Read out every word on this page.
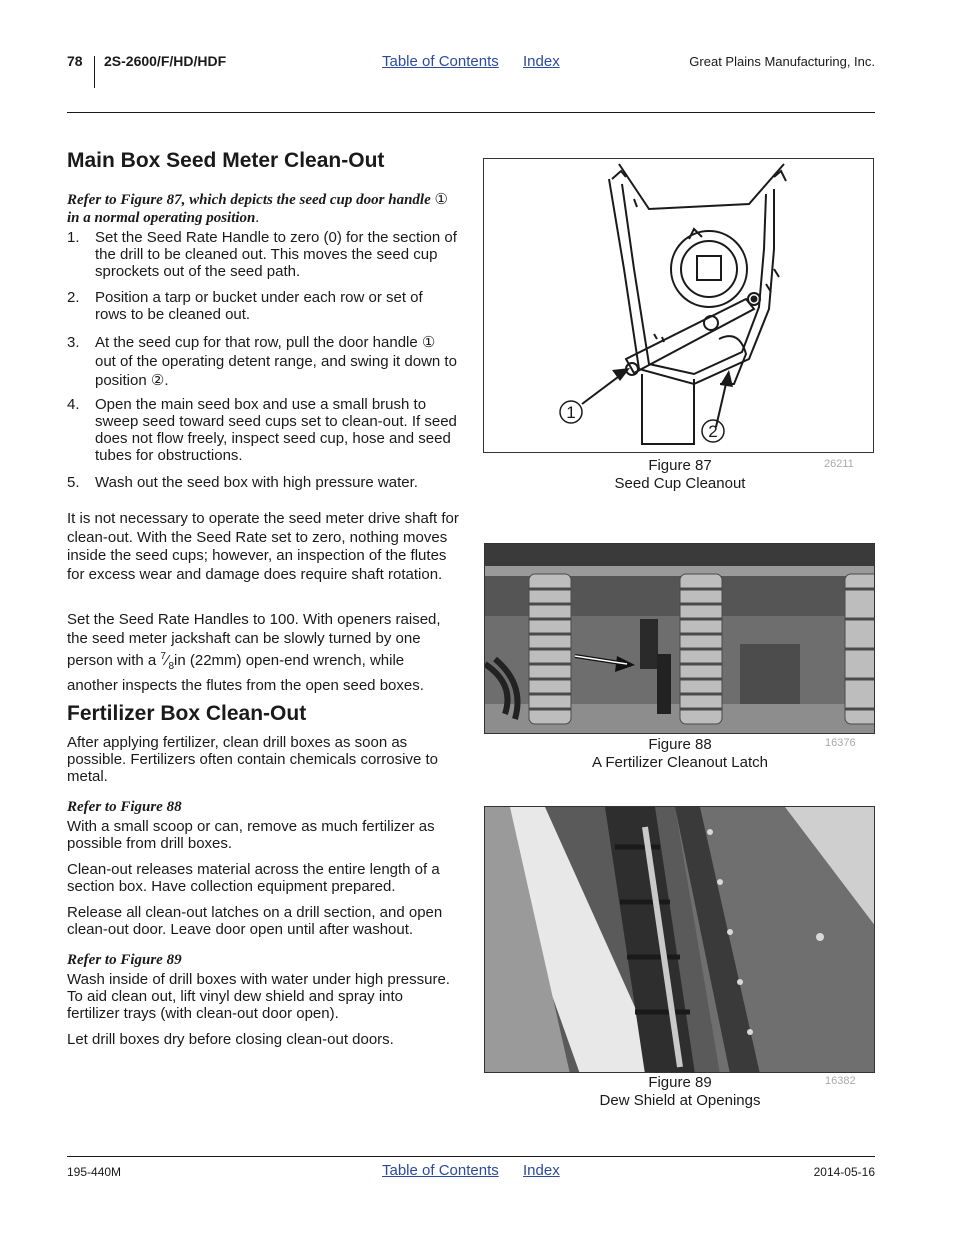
78 2S-2600/F/HD/HDF	Table of Contents Index	Great Plains Manufacturing, Inc.
Main Box Seed Meter Clean-Out
Refer to Figure 87, which depicts the seed cup door handle ①
in a normal operating position.
1. Set the Seed Rate Handle to zero (0) for the section of the drill to be cleaned out. This moves the seed cup sprockets out of the seed path.
2. Position a tarp or bucket under each row or set of rows to be cleaned out.
3. At the seed cup for that row, pull the door handle ① out of the operating detent range, and swing it down to position ②.
4. Open the main seed box and use a small brush to sweep seed toward seed cups set to clean-out. If seed does not flow freely, inspect seed cup, hose and seed tubes for obstructions.
5. Wash out the seed box with high pressure water.
It is not necessary to operate the seed meter drive shaft for clean-out. With the Seed Rate set to zero, nothing moves inside the seed cups; however, an inspection of the flutes for excess wear and damage does require shaft rotation.
Set the Seed Rate Handles to 100. With openers raised, the seed meter jackshaft can be slowly turned by one person with a $^7⁄_8in$ (22mm) open-end wrench, while another inspects the flutes from the open seed boxes.
Fertilizer Box Clean-Out
After applying fertilizer, clean drill boxes as soon as possible. Fertilizers often contain chemicals corrosive to metal.
Refer to Figure 88
With a small scoop or can, remove as much fertilizer as possible from drill boxes.
Clean-out releases material across the entire length of a section box. Have collection equipment prepared.
Release all clean-out latches on a drill section, and open clean-out door. Leave door open until after washout.
Refer to Figure 89
Wash inside of drill boxes with water under high pressure. To aid clean out, lift vinyl dew shield and spray into fertilizer trays (with clean-out door open).
Let drill boxes dry before closing clean-out doors.
1
2
Figure 87
Seed Cup Cleanout
26211
Figure 88
A Fertilizer Cleanout Latch
16376
Figure 89
Dew Shield at Openings
16382
195-440M	Table of Contents Index	2014-05-16
